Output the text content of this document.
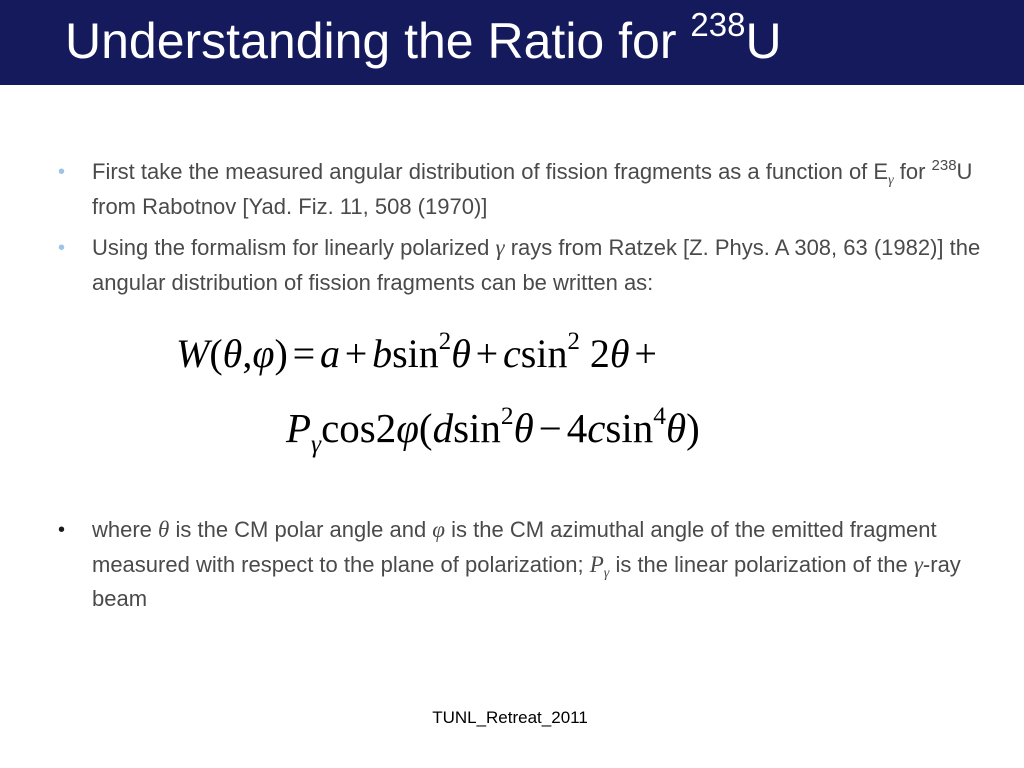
Understanding the Ratio for $^{238}$U
• First take the measured angular distribution of fission fragments as a function of $E_\gamma$ for $^{238}$U from Rabotnov [Yad. Fiz. 11, 508 (1970)]
• Using the formalism for linearly polarized γ rays from Ratzek [Z. Phys. A 308, 63 (1982)] the angular distribution of fission fragments can be written as:
W(θ,φ) = a + bsin$^2$θ + csin$^2$ 2θ +
$P_\gamma\cos 2\varphi(dsin^2\theta - 4csin^4\theta)$
• where θ is the CM polar angle and φ is the CM azimuthal angle of the emitted fragment measured with respect to the plane of polarization; $P_\gamma$ is the linear polarization of the γ-ray beam
TUNL_Retreat_2011
